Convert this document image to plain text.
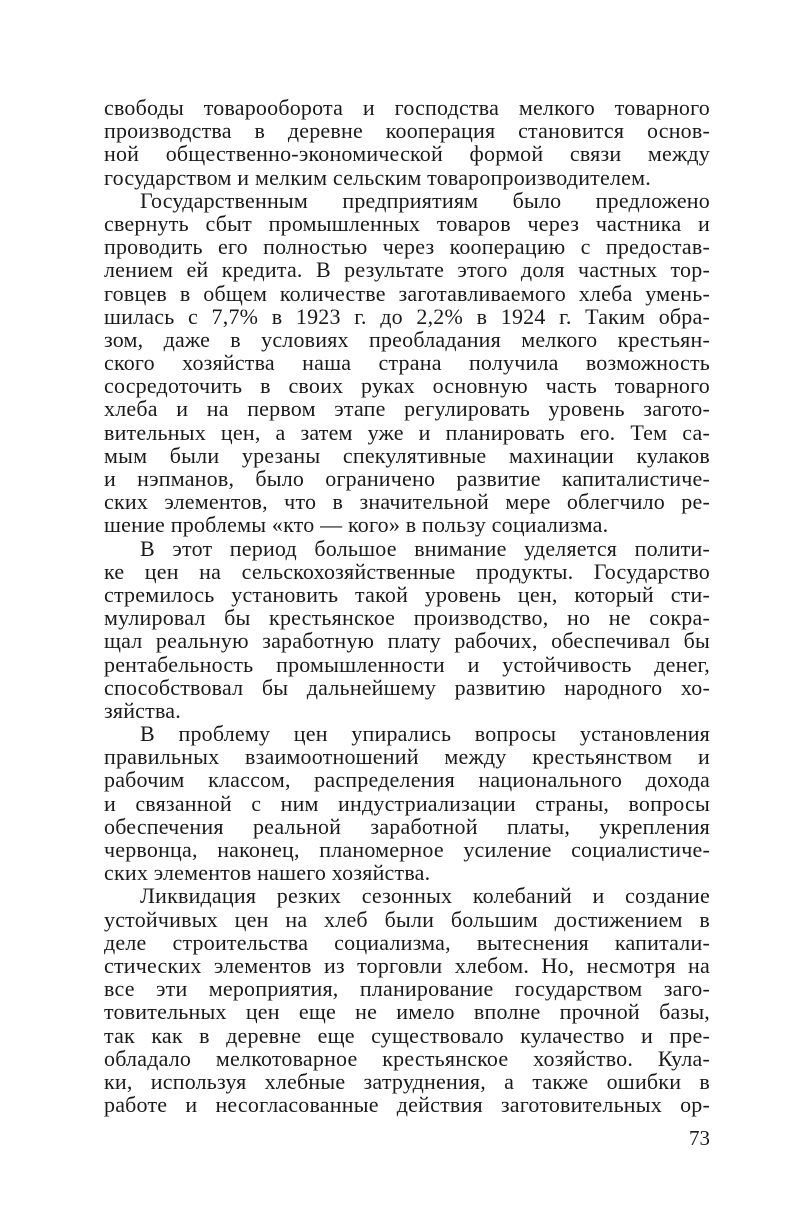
свободы товарооборота и господства мелкого товарного
производства в деревне кооперация становится основ-
ной общественно-экономической формой связи между
государством и мелким сельским товаропроизводителем.
Государственным предприятиям было предложено
свернуть сбыт промышленных товаров через частника и
проводить его полностью через кооперацию с предостав-
лением ей кредита. В результате этого доля частных тор-
говцев в общем количестве заготавливаемого хлеба умень-
шилась с 7,7% в 1923 г. до 2,2% в 1924 г. Таким обра-
зом, даже в условиях преобладания мелкого крестьян-
ского хозяйства наша страна получила возможность
сосредоточить в своих руках основную часть товарного
хлеба и на первом этапе регулировать уровень загото-
вительных цен, а затем уже и планировать его. Тем са-
мым были урезаны спекулятивные махинации кулаков
и нэпманов, было ограничено развитие капиталистиче-
ских элементов, что в значительной мере облегчило ре-
шение проблемы «кто — кого» в пользу социализма.
В этот период большое внимание уделяется полити-
ке цен на сельскохозяйственные продукты. Государство
стремилось установить такой уровень цен, который сти-
мулировал бы крестьянское производство, но не сокра-
щал реальную заработную плату рабочих, обеспечивал бы
рентабельность промышленности и устойчивость денег,
способствовал бы дальнейшему развитию народного хо-
зяйства.
В проблему цен упирались вопросы установления
правильных взаимоотношений между крестьянством и
рабочим классом, распределения национального дохода
и связанной с ним индустриализации страны, вопросы
обеспечения реальной заработной платы, укрепления
червонца, наконец, планомерное усиление социалистиче-
ских элементов нашего хозяйства.
Ликвидация резких сезонных колебаний и создание
устойчивых цен на хлеб были большим достижением в
деле строительства социализма, вытеснения капитали-
стических элементов из торговли хлебом. Но, несмотря на
все эти мероприятия, планирование государством заго-
товительных цен еще не имело вполне прочной базы,
так как в деревне еще существовало кулачество и пре-
обладало мелкотоварное крестьянское хозяйство. Кула-
ки, используя хлебные затруднения, а также ошибки в
работе и несогласованные действия заготовительных ор-
73
